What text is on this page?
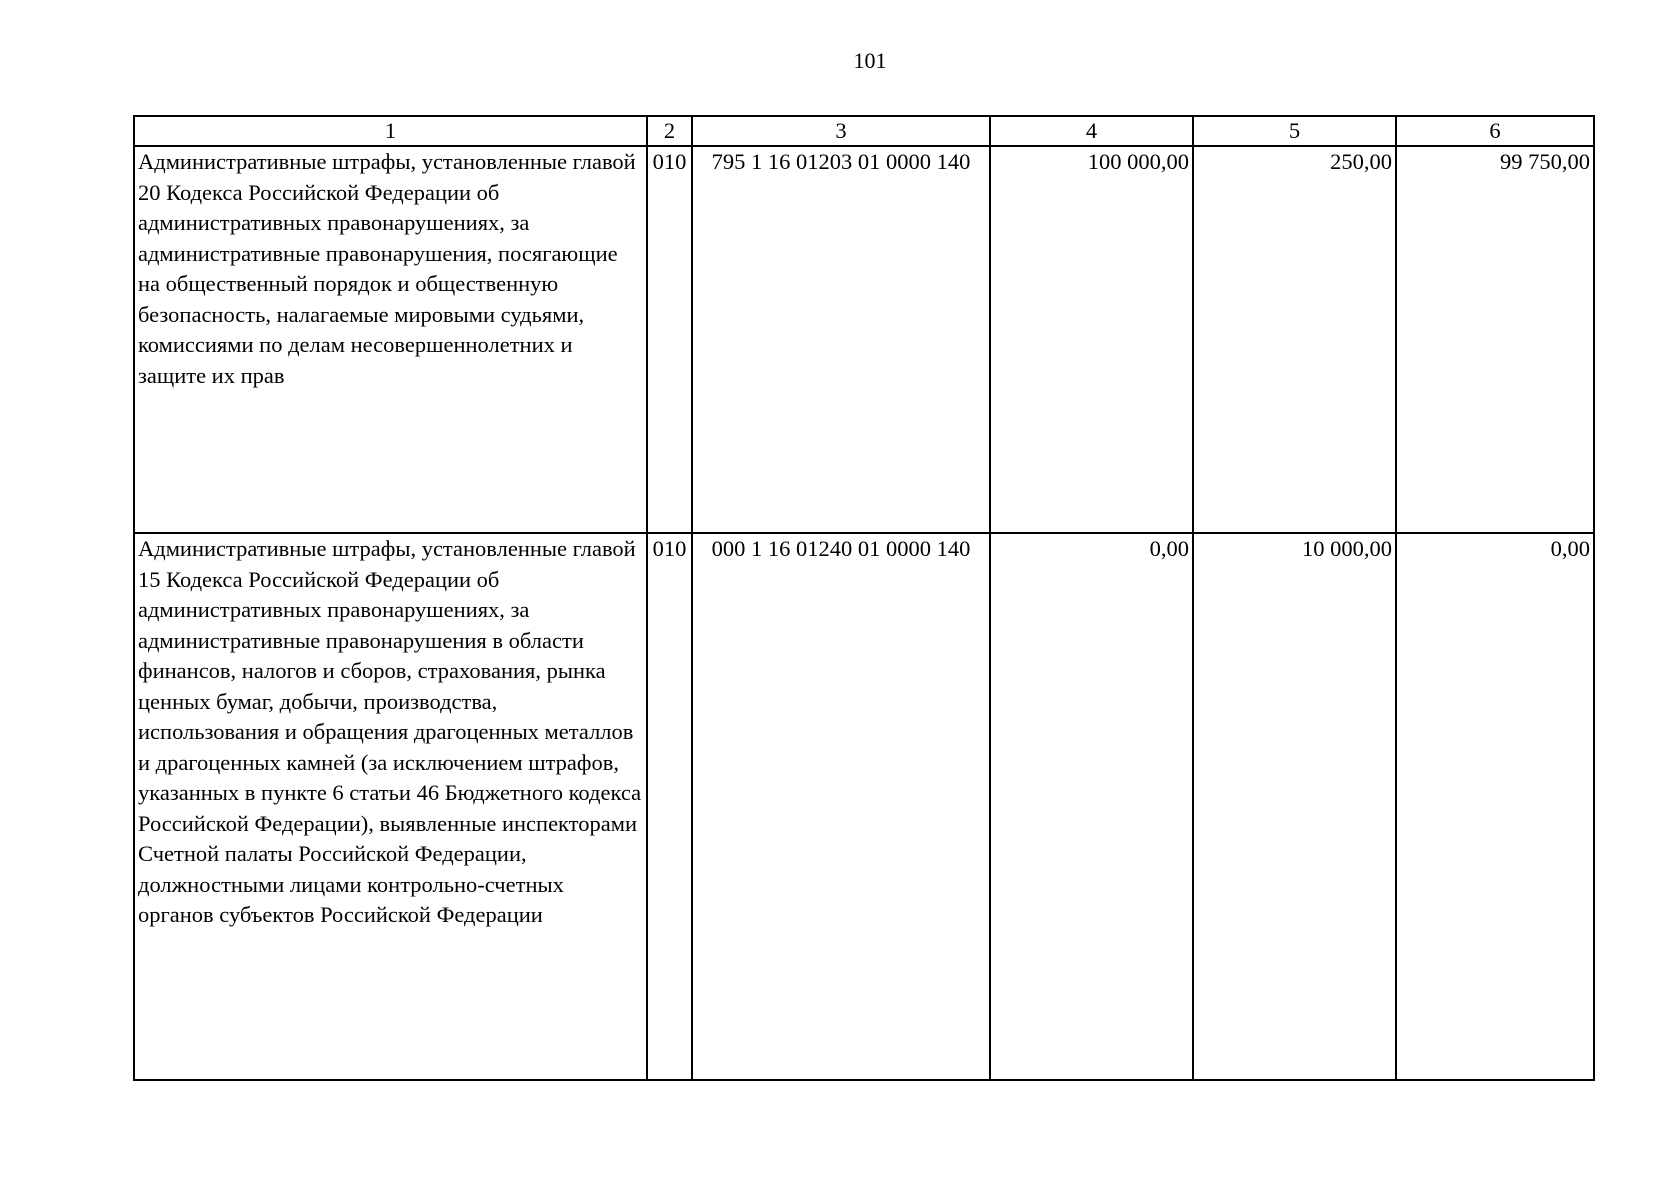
101
1	2	3	4	5	6
Административные штрафы, установленные главой 20 Кодекса Российской Федерации об административных правонарушениях, за административные правонарушения, посягающие на общественный порядок и общественную безопасность, налагаемые мировыми судьями, комиссиями по делам несовершеннолетних и защите их прав	010	795 1 16 01203 01 0000 140	100 000,00	250,00	99 750,00
Административные штрафы, установленные главой 15 Кодекса Российской Федерации об административных правонарушениях, за административные правонарушения в области финансов, налогов и сборов, страхования, рынка ценных бумаг, добычи, производства, использования и обращения драгоценных металлов и драгоценных камней (за исключением штрафов, указанных в пункте 6 статьи 46 Бюджетного кодекса Российской Федерации), выявленные инспекторами Счетной палаты Российской Федерации, должностными лицами контрольно-счетных органов субъектов Российской Федерации	010	000 1 16 01240 01 0000 140	0,00	10 000,00	0,00
